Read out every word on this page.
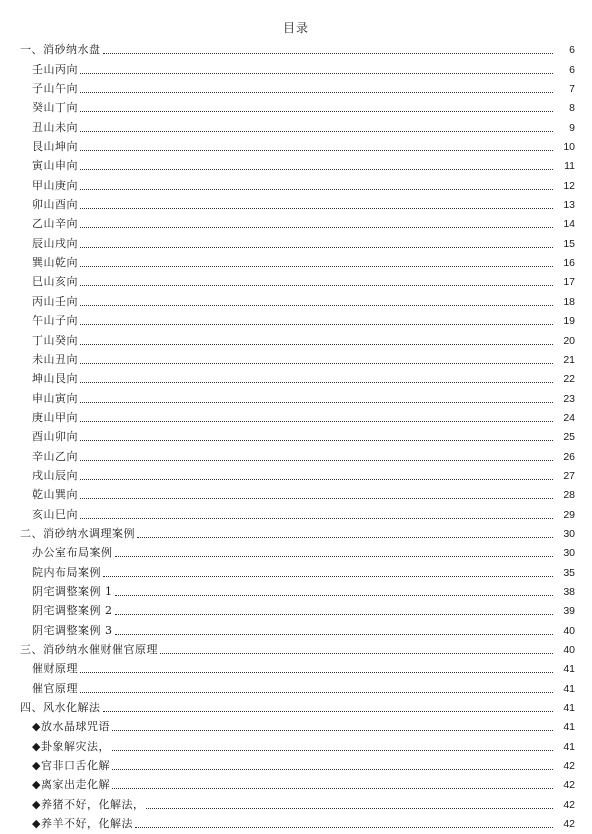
目录
一、消砂纳水盘	6
壬山丙向	6
子山午向	7
癸山丁向	8
丑山未向	9
艮山坤向	10
寅山申向	11
甲山庚向	12
卯山酉向	13
乙山辛向	14
辰山戌向	15
巽山乾向	16
巳山亥向	17
丙山壬向	18
午山子向	19
丁山癸向	20
未山丑向	21
坤山艮向	22
申山寅向	23
庚山甲向	24
酉山卯向	25
辛山乙向	26
戌山辰向	27
乾山巽向	28
亥山巳向	29
二、消砂纳水调理案例	30
办公室布局案例	30
院内布局案例	35
阴宅调整案例 1	38
阴宅调整案例 2	39
阴宅调整案例 3	40
三、消砂纳水催财催官原理	40
催财原理	41
催官原理	41
四、风水化解法	41
◆放水晶球咒语	41
◆卦象解灾法，	41
◆官非口舌化解	42
◆离家出走化解	42
◆养猪不好，化解法，	42
◆养羊不好，化解法	42
